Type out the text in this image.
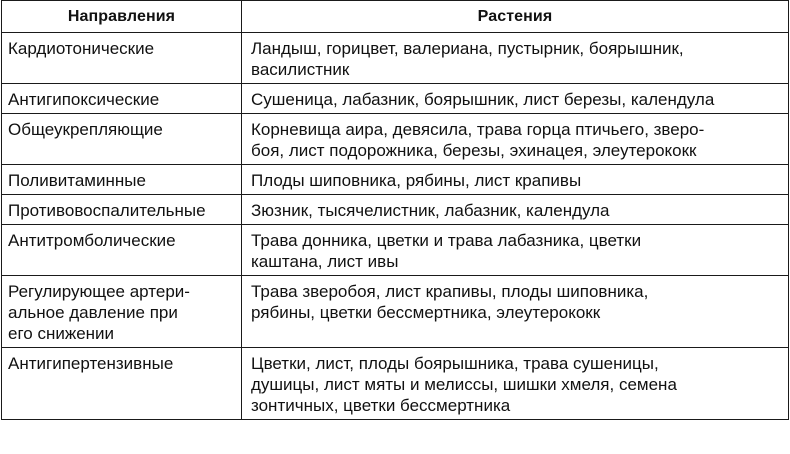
Направления	Растения

Кардиотонические	Ландыш, горицвет, валериана, пустырник, боярышник,
василистник

Антигипоксические	Сушеница, лабазник, боярышник, лист березы, календула

Общеукрепляющие	Корневища аира, девясила, трава горца птичьего, зверо-
боя, лист подорожника, березы, эхинацея, элеутерококк

Поливитаминные	Плоды шиповника, рябины, лист крапивы

Противовоспалительные	Зюзник, тысячелистник, лабазник, календула

Антитромболические	Трава донника, цветки и трава лабазника, цветки
каштана, лист ивы

Регулирующее артери-
альное давление при
его снижении	Трава зверобоя, лист крапивы, плоды шиповника,
рябины, цветки бессмертника, элеутерококк

Антигипертензивные	Цветки, лист, плоды боярышника, трава сушеницы,
душицы, лист мяты и мелиссы, шишки хмеля, семена
зонтичных, цветки бессмертника
